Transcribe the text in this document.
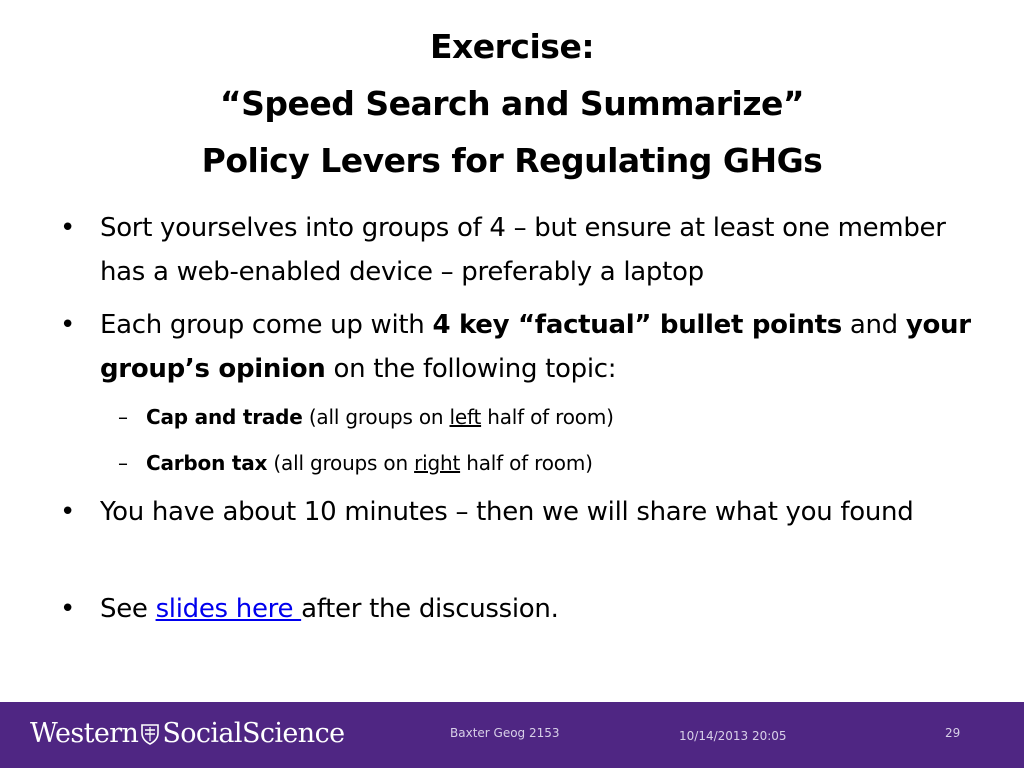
Exercise:
“Speed Search and Summarize”
Policy Levers for Regulating GHGs
• Sort yourselves into groups of 4 – but ensure at least one member has a web-enabled device – preferably a laptop
• Each group come up with 4 key “factual” bullet points and your group’s opinion on the following topic:
– Cap and trade (all groups on left half of room)
– Carbon tax (all groups on right half of room)
• You have about 10 minutes – then we will share what you found
• See slides here after the discussion.
Western SocialScience	Baxter Geog 2153	10/14/2013 20:05	29
